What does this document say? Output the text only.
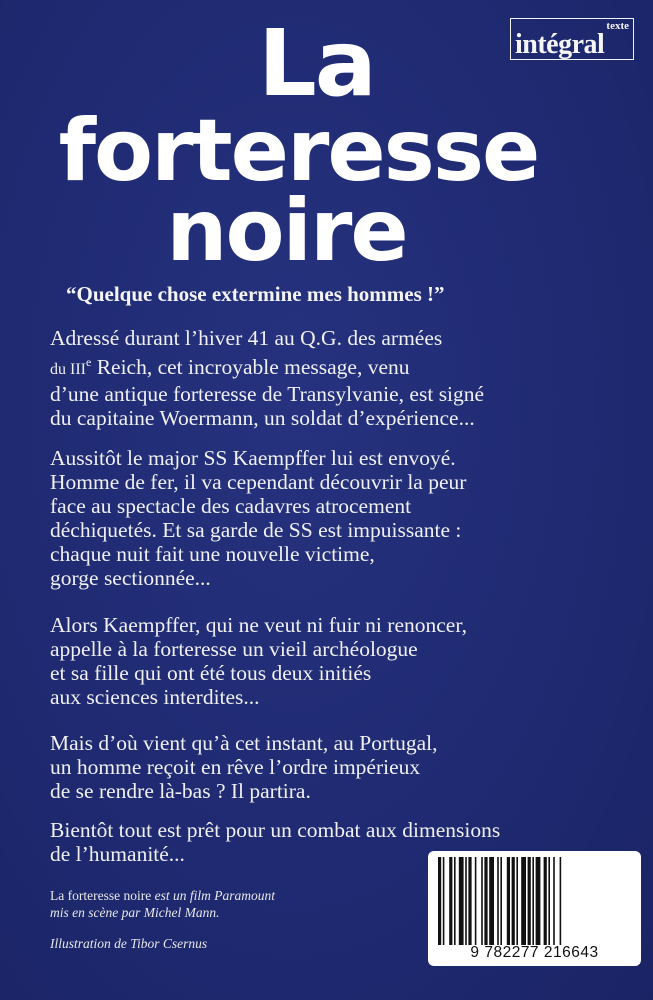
texte
intégral
La
forteresse
noire
“Quelque chose extermine mes hommes !”

Adressé durant l’hiver 41 au Q.G. des armées
du IIIe Reich, cet incroyable message, venu
d’une antique forteresse de Transylvanie, est signé
du capitaine Woermann, un soldat d’expérience...

Aussitôt le major SS Kaempffer lui est envoyé.
Homme de fer, il va cependant découvrir la peur
face au spectacle des cadavres atrocement
déchiquetés. Et sa garde de SS est impuissante :
chaque nuit fait une nouvelle victime,
gorge sectionnée...

Alors Kaempffer, qui ne veut ni fuir ni renoncer,
appelle à la forteresse un vieil archéologue
et sa fille qui ont été tous deux initiés
aux sciences interdites...

Mais d’où vient qu’à cet instant, au Portugal,
un homme reçoit en rêve l’ordre impérieux
de se rendre là-bas ? Il partira.

Bientôt tout est prêt pour un combat aux dimensions
de l’humanité...

La forteresse noire est un film Paramount
mis en scène par Michel Mann.
Illustration de Tibor Csernus
9 782277 216643
